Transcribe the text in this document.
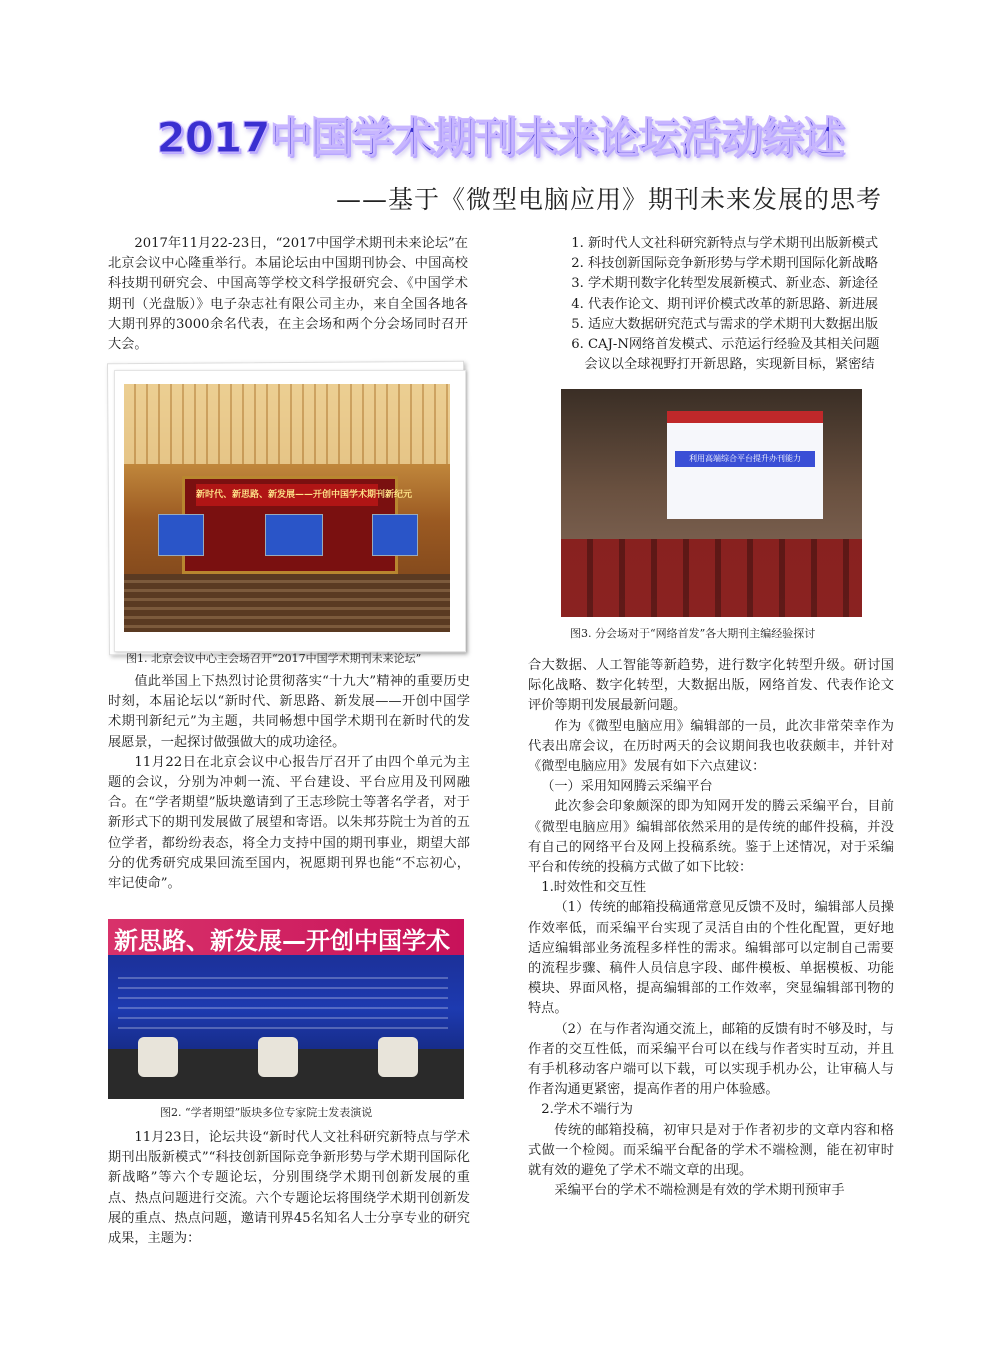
2017中国学术期刊未来论坛活动综述
——基于《微型电脑应用》期刊未来发展的思考

2017年11月22-23日，“2017中国学术期刊未来论坛”在北京会议中心隆重举行。本届论坛由中国期刊协会、中国高校科技期刊研究会、中国高等学校文科学报研究会、《中国学术期刊（光盘版）》电子杂志社有限公司主办，来自全国各地各大期刊界的3000余名代表，在主会场和两个分会场同时召开大会。

新时代、新思路、新发展——开创中国学术期刊新纪元
图1. 北京会议中心主会场召开“2017中国学术期刊未来论坛”

值此举国上下热烈讨论贯彻落实“十九大”精神的重要历史时刻，本届论坛以“新时代、新思路、新发展——开创中国学术期刊新纪元”为主题，共同畅想中国学术期刊在新时代的发展愿景，一起探讨做强做大的成功途径。

11月22日在北京会议中心报告厅召开了由四个单元为主题的会议，分别为冲刺一流、平台建设、平台应用及刊网融合。在“学者期望”版块邀请到了王志珍院士等著名学者，对于新形式下的期刊发展做了展望和寄语。以朱邦芬院士为首的五位学者，都纷纷表态，将全力支持中国的期刊事业，期望大部分的优秀研究成果回流至国内，祝愿期刊界也能“不忘初心，牢记使命”。

新思路、新发展—开创中国学术
图2. “学者期望”版块多位专家院士发表演说

11月23日，论坛共设“新时代人文社科研究新特点与学术期刊出版新模式”“科技创新国际竞争新形势与学术期刊国际化新战略”等六个专题论坛，分别围绕学术期刊创新发展的重点、热点问题进行交流。六个专题论坛将围绕学术期刊创新发展的重点、热点问题，邀请刊界45名知名人士分享专业的研究成果，主题为：

1. 新时代人文社科研究新特点与学术期刊出版新模式

2. 科技创新国际竞争新形势与学术期刊国际化新战略

3. 学术期刊数字化转型发展新模式、新业态、新途径

4. 代表作论文、期刊评价模式改革的新思路、新进展

5. 适应大数据研究范式与需求的学术期刊大数据出版

6. CAJ-N网络首发模式、示范运行经验及其相关问题

会议以全球视野打开新思路，实现新目标，紧密结

利用高端综合平台提升办刊能力
图3. 分会场对于“网络首发”各大期刊主编经验探讨

合大数据、人工智能等新趋势，进行数字化转型升级。研讨国际化战略、数字化转型，大数据出版，网络首发、代表作论文评价等期刊发展最新问题。

作为《微型电脑应用》编辑部的一员，此次非常荣幸作为代表出席会议，在历时两天的会议期间我也收获颇丰，并针对《微型电脑应用》发展有如下六点建议：

（一）采用知网腾云采编平台

此次参会印象颇深的即为知网开发的腾云采编平台，目前《微型电脑应用》编辑部依然采用的是传统的邮件投稿，并没有自己的网络平台及网上投稿系统。鉴于上述情况，对于采编平台和传统的投稿方式做了如下比较：

1.时效性和交互性

（1）传统的邮箱投稿通常意见反馈不及时，编辑部人员操作效率低，而采编平台实现了灵活自由的个性化配置，更好地适应编辑部业务流程多样性的需求。编辑部可以定制自己需要的流程步骤、稿件人员信息字段、邮件模板、单据模板、功能模块、界面风格，提高编辑部的工作效率，突显编辑部刊物的特点。

（2）在与作者沟通交流上，邮箱的反馈有时不够及时，与作者的交互性低，而采编平台可以在线与作者实时互动，并且有手机移动客户端可以下载，可以实现手机办公，让审稿人与作者沟通更紧密，提高作者的用户体验感。

2.学术不端行为

传统的邮箱投稿，初审只是对于作者初步的文章内容和格式做一个检阅。而采编平台配备的学术不端检测，能在初审时就有效的避免了学术不端文章的出现。

采编平台的学术不端检测是有效的学术期刊预审手
